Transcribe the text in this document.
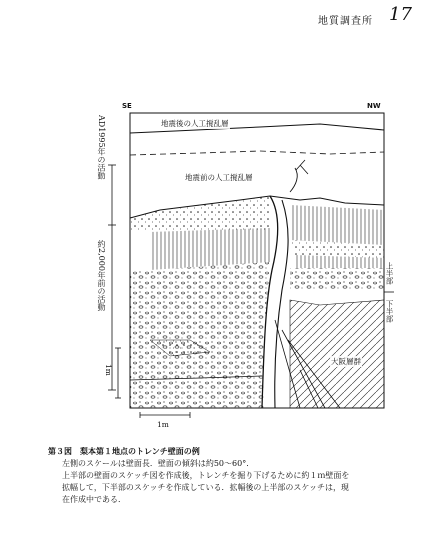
地質調査所 17
SE	NW
地震後の人工撹乱層
地震前の人工撹乱層
大阪層群
上半部
下半部
AD1995年の活動
約2,000年前の活動
1m
1m
第３図　梨本第１地点のトレンチ壁面の例
左側のスケールは壁面長．壁面の傾斜は約50〜60°．
上半部の壁面のスケッチ図を作成後，トレンチを掘り下げるために約１ｍ壁面を
拡幅して，下半部のスケッチを作成している．拡幅後の上半部のスケッチは，現
在作成中である．
